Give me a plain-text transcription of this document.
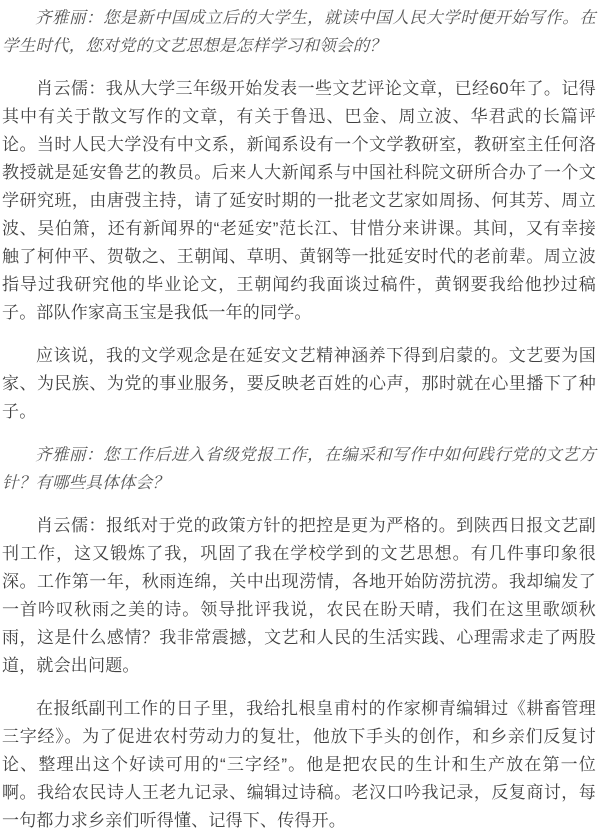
齐雅丽：您是新中国成立后的大学生，就读中国人民大学时便开始写作。在学生时代，您对党的文艺思想是怎样学习和领会的？

肖云儒：我从大学三年级开始发表一些文艺评论文章，已经60年了。记得其中有关于散文写作的文章，有关于鲁迅、巴金、周立波、华君武的长篇评论。当时人民大学没有中文系，新闻系设有一个文学教研室，教研室主任何洛教授就是延安鲁艺的教员。后来人大新闻系与中国社科院文研所合办了一个文学研究班，由唐弢主持，请了延安时期的一批老文艺家如周扬、何其芳、周立波、吴伯箫，还有新闻界的“老延安”范长江、甘惜分来讲课。其间，又有幸接触了柯仲平、贺敬之、王朝闻、草明、黄钢等一批延安时代的老前辈。周立波指导过我研究他的毕业论文，王朝闻约我面谈过稿件，黄钢要我给他抄过稿子。部队作家高玉宝是我低一年的同学。

应该说，我的文学观念是在延安文艺精神涵养下得到启蒙的。文艺要为国家、为民族、为党的事业服务，要反映老百姓的心声，那时就在心里播下了种子。

齐雅丽：您工作后进入省级党报工作，在编采和写作中如何践行党的文艺方针？有哪些具体体会？

肖云儒：报纸对于党的政策方针的把控是更为严格的。到陕西日报文艺副刊工作，这又锻炼了我，巩固了我在学校学到的文艺思想。有几件事印象很深。工作第一年，秋雨连绵，关中出现涝情，各地开始防涝抗涝。我却编发了一首吟叹秋雨之美的诗。领导批评我说，农民在盼天晴，我们在这里歌颂秋雨，这是什么感情？我非常震撼，文艺和人民的生活实践、心理需求走了两股道，就会出问题。

在报纸副刊工作的日子里，我给扎根皇甫村的作家柳青编辑过《耕畜管理三字经》。为了促进农村劳动力的复壮，他放下手头的创作，和乡亲们反复讨论、整理出这个好读可用的“三字经”。他是把农民的生计和生产放在第一位啊。我给农民诗人王老九记录、编辑过诗稿。老汉口吟我记录，反复商讨，每一句都力求乡亲们听得懂、记得下、传得开。
